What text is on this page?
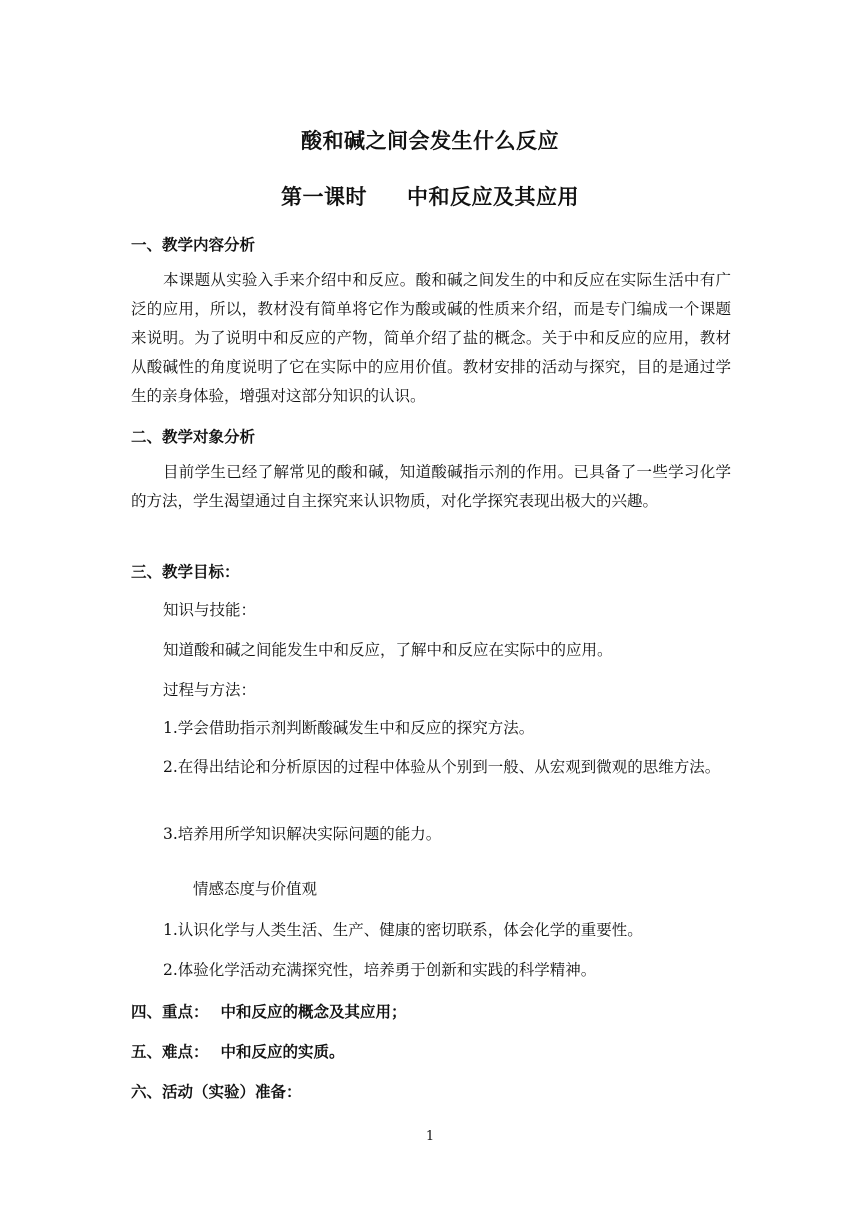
酸和碱之间会发生什么反应
第一课时 中和反应及其应用
一、教学内容分析
本课题从实验入手来介绍中和反应。酸和碱之间发生的中和反应在实际生活中有广泛的应用，所以，教材没有简单将它作为酸或碱的性质来介绍，而是专门编成一个课题来说明。为了说明中和反应的产物，简单介绍了盐的概念。关于中和反应的应用，教材从酸碱性的角度说明了它在实际中的应用价值。教材安排的活动与探究，目的是通过学生的亲身体验，增强对这部分知识的认识。
二、教学对象分析
目前学生已经了解常见的酸和碱，知道酸碱指示剂的作用。已具备了一些学习化学的方法，学生渴望通过自主探究来认识物质，对化学探究表现出极大的兴趣。
三、教学目标：
知识与技能：
知道酸和碱之间能发生中和反应，了解中和反应在实际中的应用。
过程与方法：
1.学会借助指示剂判断酸碱发生中和反应的探究方法。
2.在得出结论和分析原因的过程中体验从个别到一般、从宏观到微观的思维方法。
3.培养用所学知识解决实际问题的能力。
情感态度与价值观
1.认识化学与人类生活、生产、健康的密切联系，体会化学的重要性。
2.体验化学活动充满探究性，培养勇于创新和实践的科学精神。
四、重点： 中和反应的概念及其应用；
五、难点： 中和反应的实质。
六、活动（实验）准备：
1
